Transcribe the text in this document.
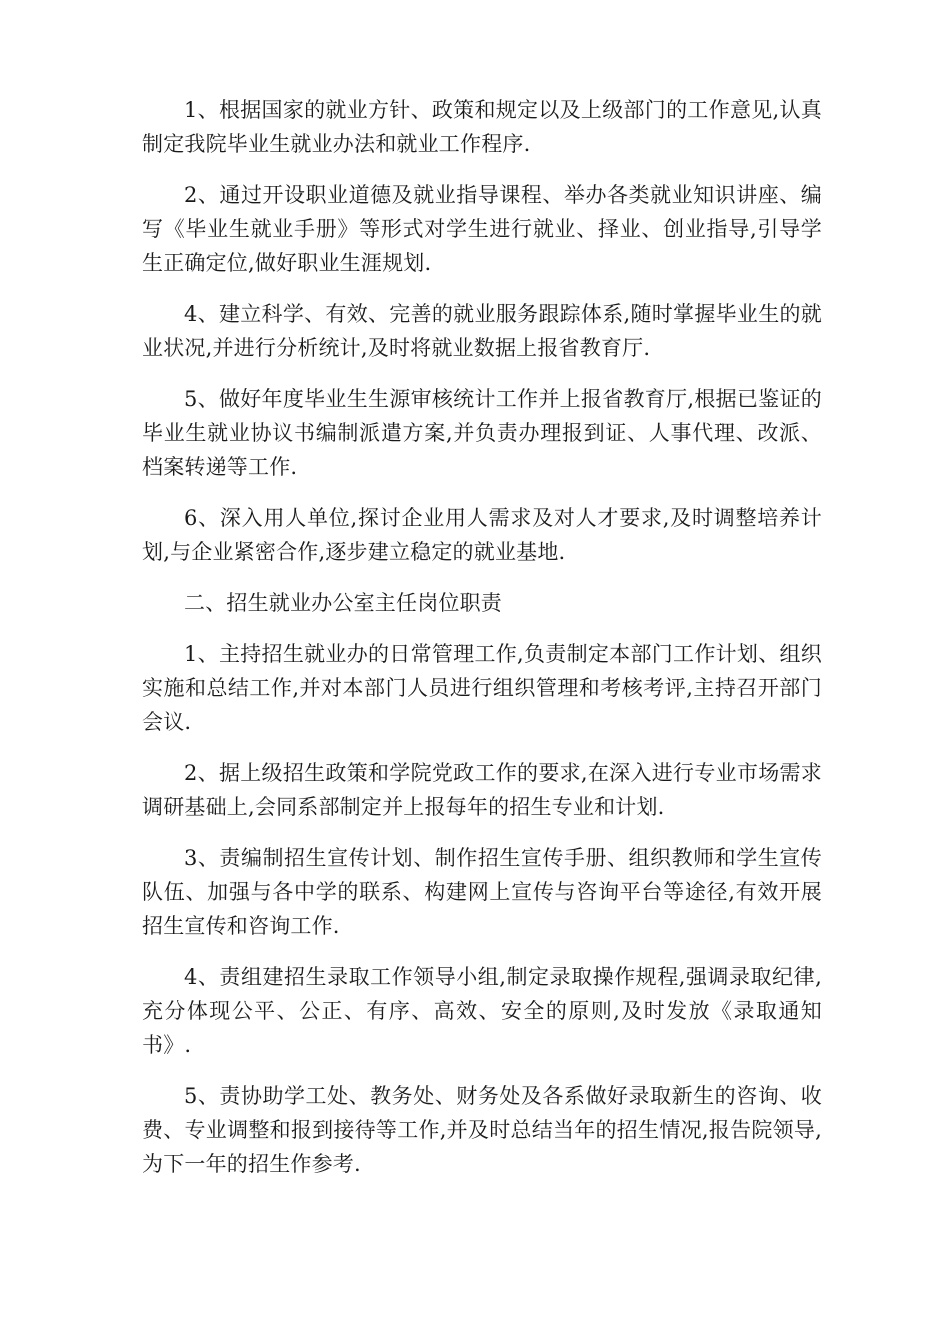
1、根据国家的就业方针、政策和规定以及上级部门的工作意见,认真制定我院毕业生就业办法和就业工作程序.

2、通过开设职业道德及就业指导课程、举办各类就业知识讲座、编写《毕业生就业手册》等形式对学生进行就业、择业、创业指导,引导学生正确定位,做好职业生涯规划.

4、建立科学、有效、完善的就业服务跟踪体系,随时掌握毕业生的就业状况,并进行分析统计,及时将就业数据上报省教育厅.

5、做好年度毕业生生源审核统计工作并上报省教育厅,根据已鉴证的毕业生就业协议书编制派遣方案,并负责办理报到证、人事代理、改派、档案转递等工作.

6、深入用人单位,探讨企业用人需求及对人才要求,及时调整培养计划,与企业紧密合作,逐步建立稳定的就业基地.

二、招生就业办公室主任岗位职责

1、主持招生就业办的日常管理工作,负责制定本部门工作计划、组织实施和总结工作,并对本部门人员进行组织管理和考核考评,主持召开部门会议.

2、据上级招生政策和学院党政工作的要求,在深入进行专业市场需求调研基础上,会同系部制定并上报每年的招生专业和计划.

3、责编制招生宣传计划、制作招生宣传手册、组织教师和学生宣传队伍、加强与各中学的联系、构建网上宣传与咨询平台等途径,有效开展招生宣传和咨询工作.

4、责组建招生录取工作领导小组,制定录取操作规程,强调录取纪律,充分体现公平、公正、有序、高效、安全的原则,及时发放《录取通知书》.

5、责协助学工处、教务处、财务处及各系做好录取新生的咨询、收费、专业调整和报到接待等工作,并及时总结当年的招生情况,报告院领导,为下一年的招生作参考.
